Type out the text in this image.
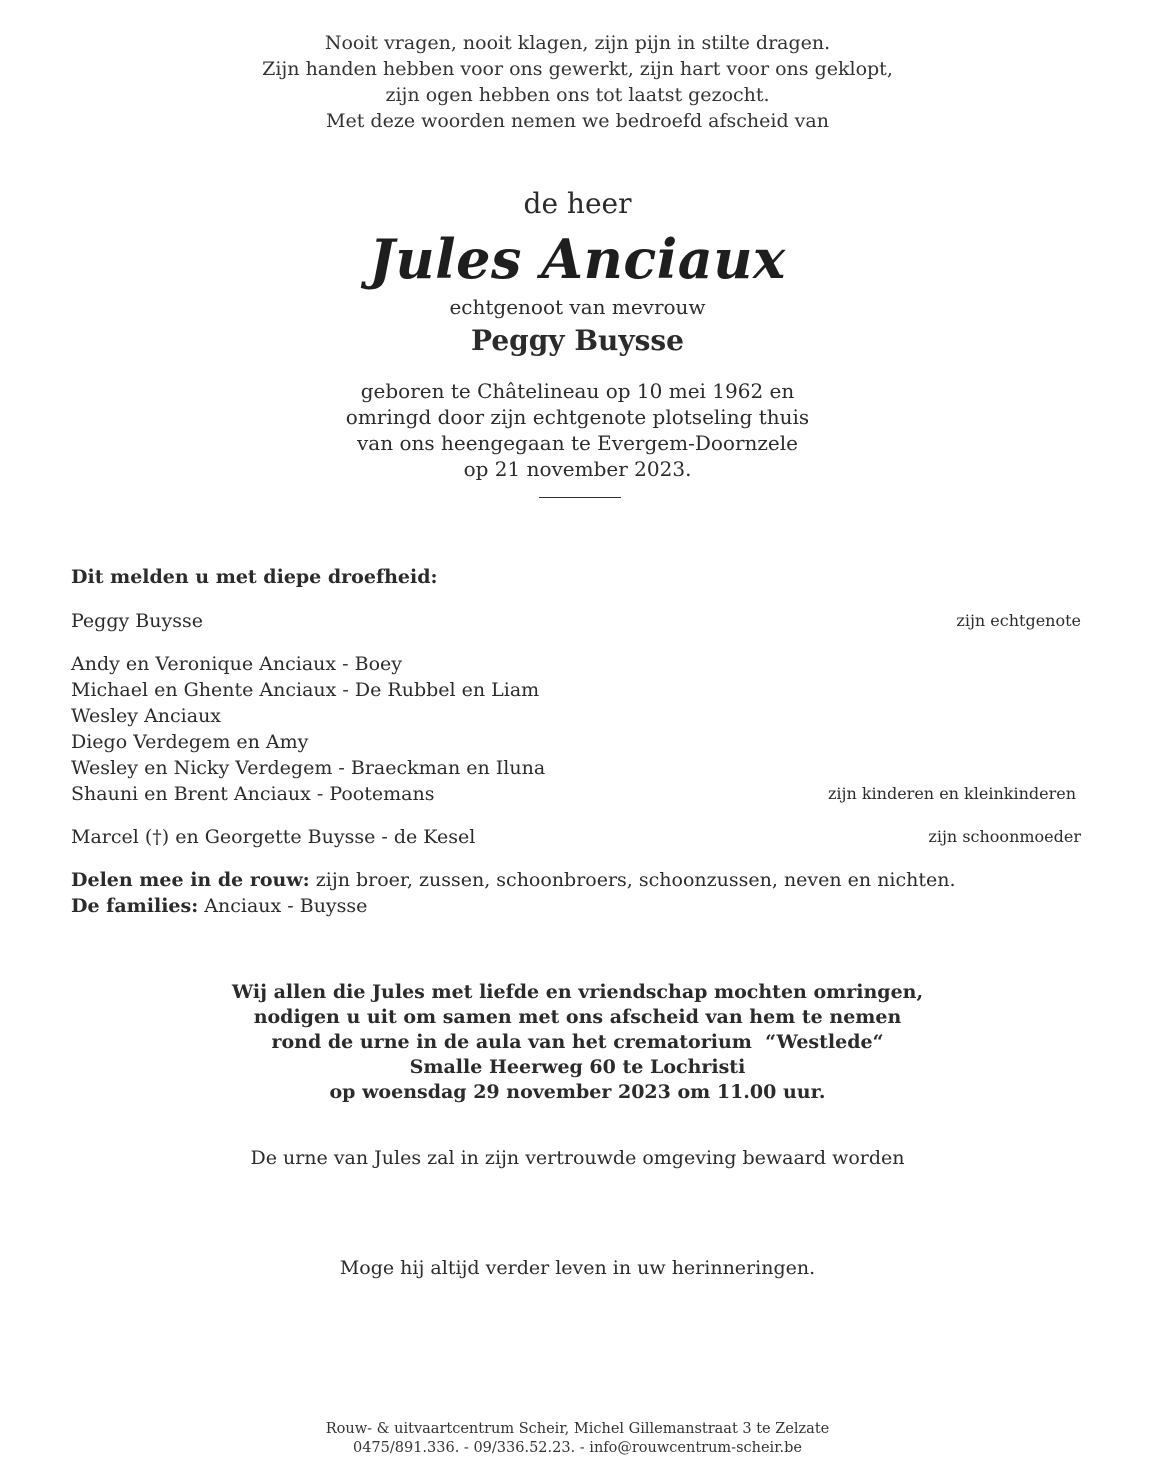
Nooit vragen, nooit klagen, zijn pijn in stilte dragen.
Zijn handen hebben voor ons gewerkt, zijn hart voor ons geklopt,
zijn ogen hebben ons tot laatst gezocht.
Met deze woorden nemen we bedroefd afscheid van
de heer
Jules Anciaux
echtgenoot van mevrouw
Peggy Buysse
geboren te Châtelineau op 10 mei 1962 en
omringd door zijn echtgenote plotseling thuis
van ons heengegaan te Evergem-Doornzele
op 21 november 2023.
Dit melden u met diepe droefheid:
Peggy Buysse	zijn echtgenote
Andy en Veronique Anciaux - Boey
Michael en Ghente Anciaux - De Rubbel en Liam
Wesley Anciaux
Diego Verdegem en Amy
Wesley en Nicky Verdegem - Braeckman en Iluna
Shauni en Brent Anciaux - Pootemans	zijn kinderen en kleinkinderen
Marcel (†) en Georgette Buysse - de Kesel	zijn schoonmoeder
Delen mee in de rouw: zijn broer, zussen, schoonbroers, schoonzussen, neven en nichten.
De families: Anciaux - Buysse
Wij allen die Jules met liefde en vriendschap mochten omringen,
nodigen u uit om samen met ons afscheid van hem te nemen
rond de urne in de aula van het crematorium  “Westlede“
Smalle Heerweg 60 te Lochristi
op woensdag 29 november 2023 om 11.00 uur.
De urne van Jules zal in zijn vertrouwde omgeving bewaard worden
Moge hij altijd verder leven in uw herinneringen.
Rouw- & uitvaartcentrum Scheir, Michel Gillemanstraat 3 te Zelzate
0475/891.336. - 09/336.52.23. - info@rouwcentrum-scheir.be
